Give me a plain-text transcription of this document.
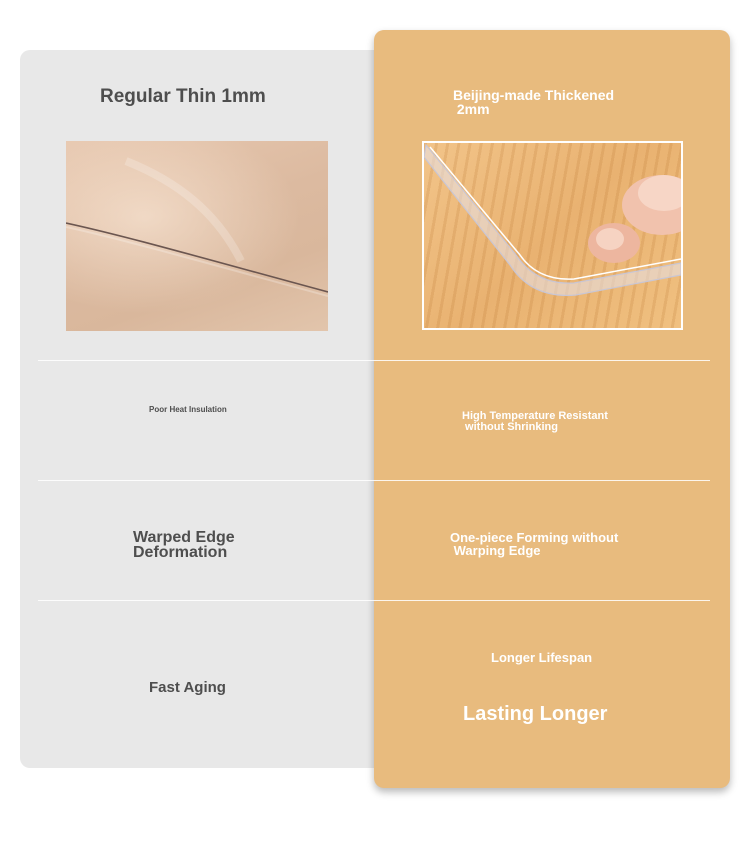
Regular Thin 1mm	Beijing-made Thickened
2mm
Poor Heat Insulation
High Temperature Resistant
without Shrinking
Warped Edge
Deformation
One-piece Forming without
Warping Edge
Fast Aging
Longer Lifespan
Lasting Longer
